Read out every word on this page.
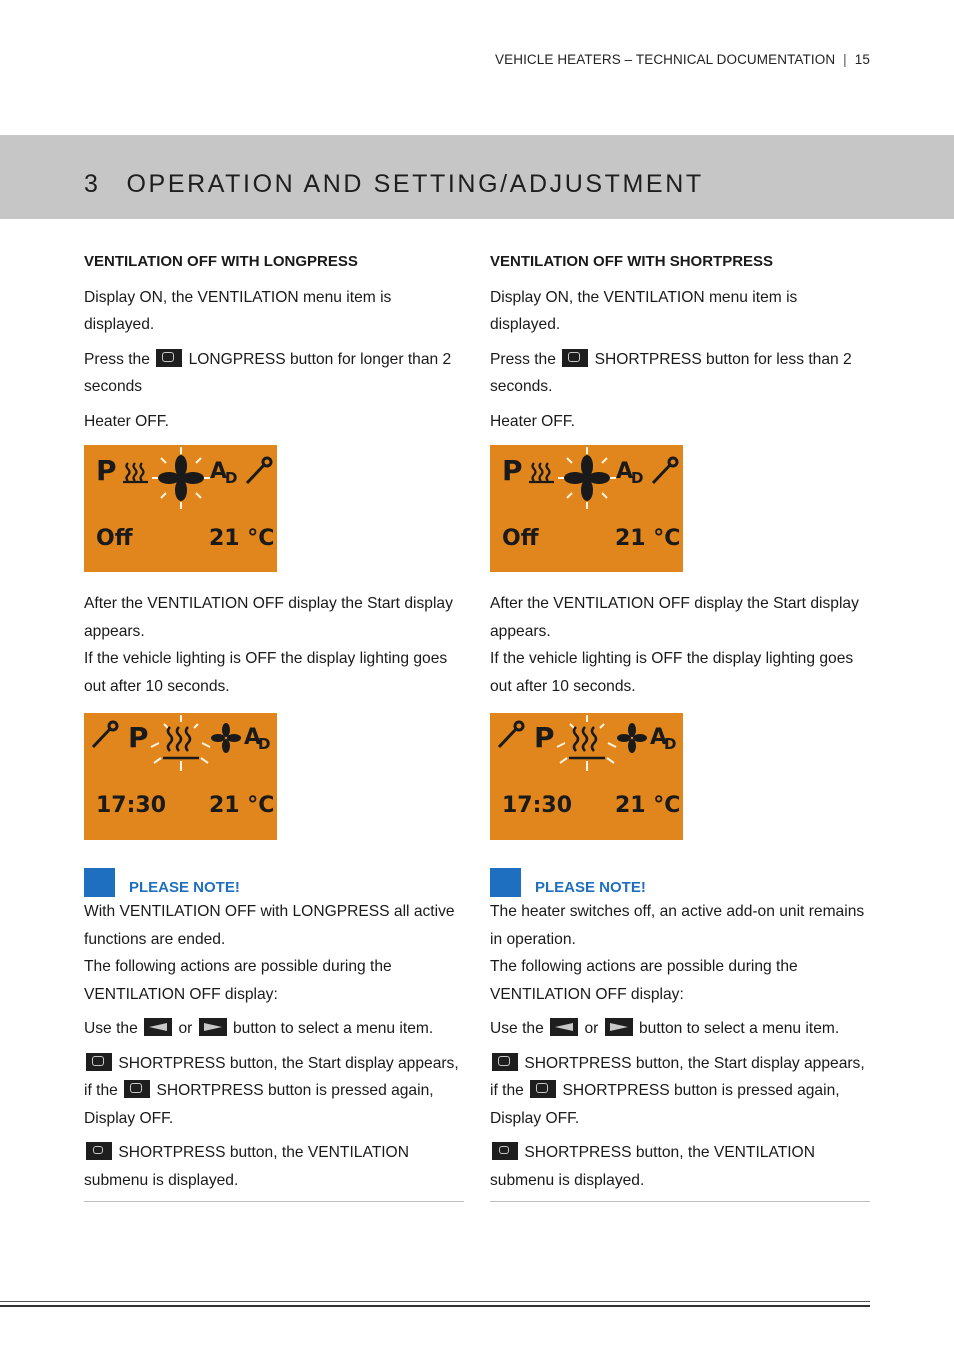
VEHICLE HEATERS – TECHNICAL DOCUMENTATION | 15
3 OPERATION AND SETTING/ADJUSTMENT

VENTILATION OFF WITH LONGPRESS

Display ON, the VENTILATION menu item is displayed.

Press the LONGPRESS button for longer than 2 seconds

Heater OFF.

P	A
D
Off	21 °C

After the VENTILATION OFF display the Start display appears.

If the vehicle lighting is OFF the display lighting goes out after 10 seconds.

P	A
D
17:30 21 °C
PLEASE NOTE!

With VENTILATION OFF with LONGPRESS all active functions are ended.

The following actions are possible during the VENTILATION OFF display:

Use the	or	button to select a menu item.

SHORTPRESS button, the Start display appears, if the SHORTPRESS button is pressed again, Display OFF.

SHORTPRESS button, the VENTILATION submenu is displayed.

VENTILATION OFF WITH SHORTPRESS

Display ON, the VENTILATION menu item is displayed.

Press the SHORTPRESS button for less than 2 seconds.

Heater OFF.

P	A
D
Off	21 °C

After the VENTILATION OFF display the Start display appears.

If the vehicle lighting is OFF the display lighting goes out after 10 seconds.

P	A
D
17:30 21 °C
PLEASE NOTE!

The heater switches off, an active add-on unit remains in operation.

The following actions are possible during the VENTILATION OFF display:

Use the	or	button to select a menu item.

SHORTPRESS button, the Start display appears, if the SHORTPRESS button is pressed again, Display OFF.

SHORTPRESS button, the VENTILATION submenu is displayed.
